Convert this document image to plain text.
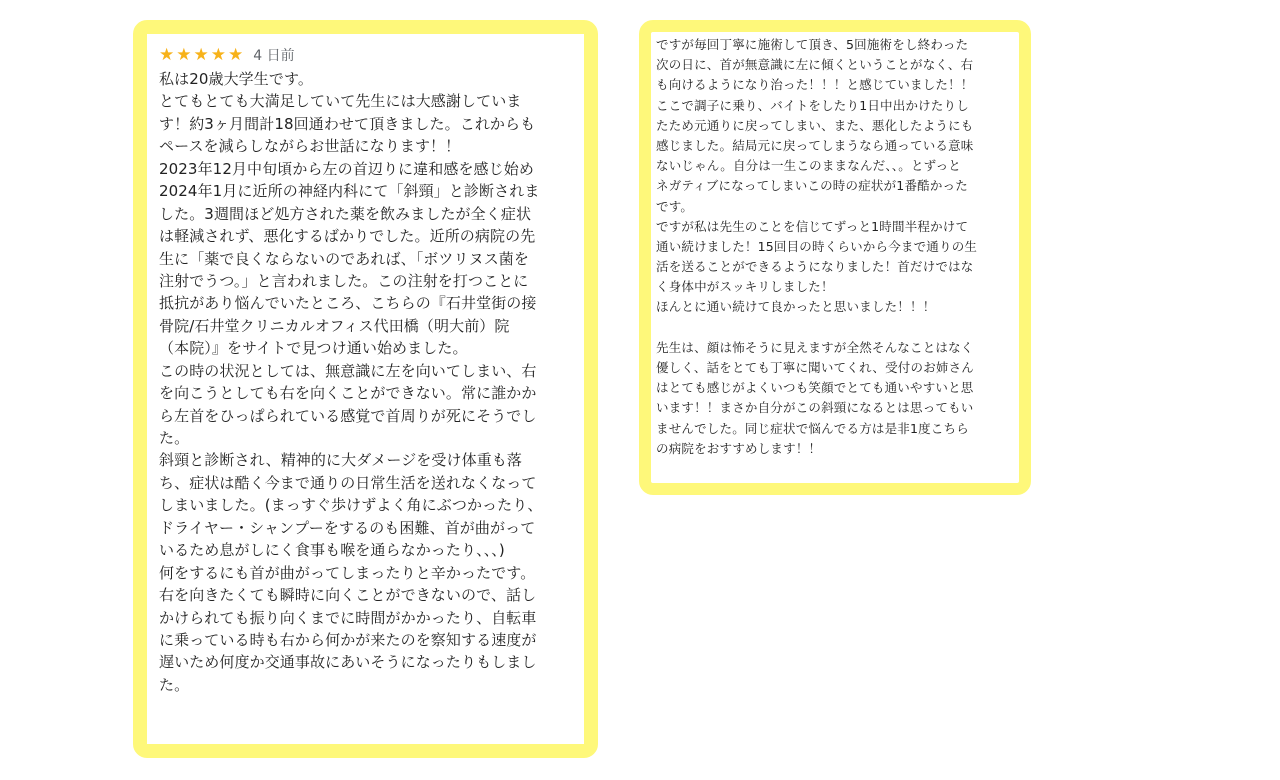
★ ★ ★ ★ ★ 4 日前
私は20歳大学生です。
とてもとても大満足していて先生には大感謝していま
す！約3ヶ月間計18回通わせて頂きました。これからも
ペースを減らしながらお世話になります！！
2023年12月中旬頃から左の首辺りに違和感を感じ始め
2024年1月に近所の神経内科にて「斜頸」と診断されま
した。3週間ほど処方された薬を飲みましたが全く症状
は軽減されず、悪化するばかりでした。近所の病院の先
生に「薬で良くならないのであれば、「ボツリヌス菌を
注射でうつ。」と言われました。この注射を打つことに
抵抗があり悩んでいたところ、こちらの『石井堂街の接
骨院/石井堂クリニカルオフィス代田橋（明大前）院
（本院）』をサイトで見つけ通い始めました。
この時の状況としては、無意識に左を向いてしまい、右
を向こうとしても右を向くことができない。常に誰かか
ら左首をひっぱられている感覚で首周りが死にそうでし
た。
斜頸と診断され、精神的に大ダメージを受け体重も落
ち、症状は酷く今まで通りの日常生活を送れなくなって
しまいました。(まっすぐ歩けずよく角にぶつかったり、
ドライヤー・シャンプーをするのも困難、首が曲がって
いるため息がしにく食事も喉を通らなかったり、、、)
何をするにも首が曲がってしまったりと辛かったです。
右を向きたくても瞬時に向くことができないので、話し
かけられても振り向くまでに時間がかかったり、自転車
に乗っている時も右から何かが来たのを察知する速度が
遅いため何度か交通事故にあいそうになったりもしまし
た。
ですが毎回丁寧に施術して頂き、5回施術をし終わった
次の日に、首が無意識に左に傾くということがなく、右
も向けるようになり治った！！！と感じていました！！
ここで調子に乗り、バイトをしたり1日中出かけたりし
たため元通りに戻ってしまい、また、悪化したようにも
感じました。結局元に戻ってしまうなら通っている意味
ないじゃん。自分は一生このままなんだ、、。とずっと
ネガティブになってしまいこの時の症状が1番酷かった
です。
ですが私は先生のことを信じてずっと1時間半程かけて
通い続けました！15回目の時くらいから今まで通りの生
活を送ることができるようになりました！首だけではな
く身体中がスッキリしました！
ほんとに通い続けて良かったと思いました！！！
先生は、顔は怖そうに見えますが全然そんなことはなく
優しく、話をとても丁寧に聞いてくれ、受付のお姉さん
はとても感じがよくいつも笑顔でとても通いやすいと思
います！！まさか自分がこの斜頸になるとは思ってもい
ませんでした。同じ症状で悩んでる方は是非1度こちら
の病院をおすすめします！！
